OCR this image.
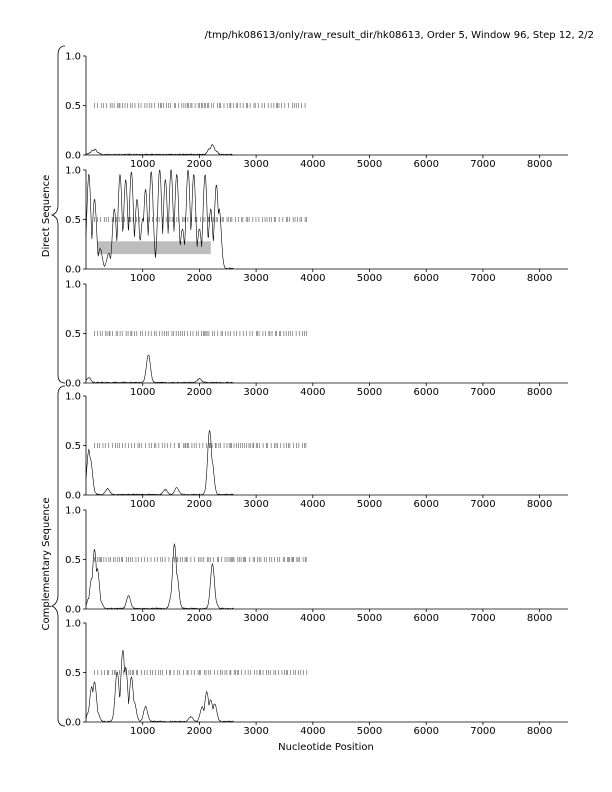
/tmp/hk08613/only/raw_result_dir/hk08613, Order 5, Window 96, Step 12, 2/2
Direct Sequence
Complementary Sequence
0.0
0.5
1.0
1000	2000	3000	4000	5000	6000	7000	8000
0.0
0.5
1.0
1000	2000	3000	4000	5000	6000	7000	8000
0.0
0.5
1.0
1000	2000	3000	4000	5000	6000	7000	8000
0.0
0.5
1.0
1000	2000	3000	4000	5000	6000	7000	8000
0.0
0.5
1.0
1000	2000	3000	4000	5000	6000	7000	8000
0.0
0.5
1.0
1000	2000	3000	4000	5000	6000	7000	8000
Nucleotide Position
